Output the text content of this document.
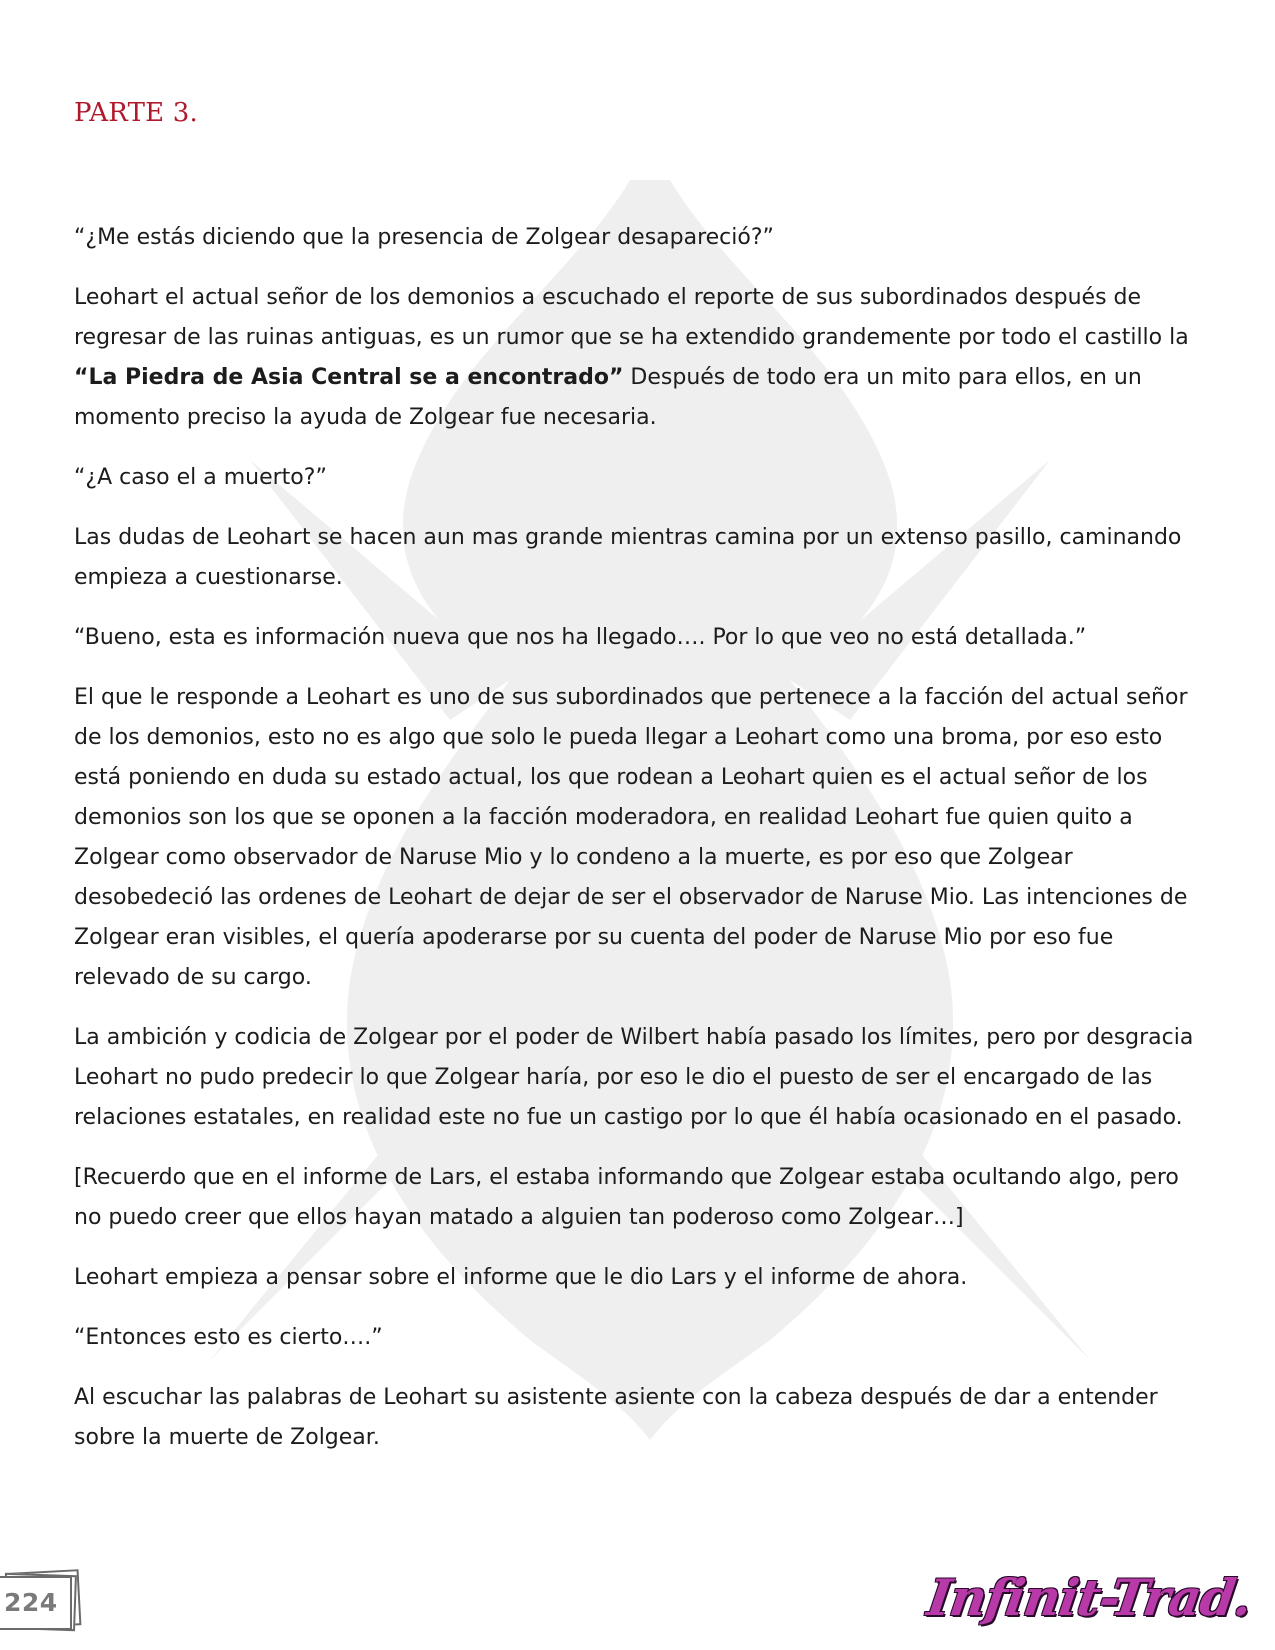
PARTE 3.

“¿Me estás diciendo que la presencia de Zolgear desapareció?”

Leohart el actual señor de los demonios a escuchado el reporte de sus subordinados después de regresar de las ruinas antiguas, es un rumor que se ha extendido grandemente por todo el castillo la “La Piedra de Asia Central se a encontrado” Después de todo era un mito para ellos, en un momento preciso la ayuda de Zolgear fue necesaria.

“¿A caso el a muerto?”

Las dudas de Leohart se hacen aun mas grande mientras camina por un extenso pasillo, caminando empieza a cuestionarse.

“Bueno, esta es información nueva que nos ha llegado…. Por lo que veo no está detallada.”

El que le responde a Leohart es uno de sus subordinados que pertenece a la facción del actual señor de los demonios, esto no es algo que solo le pueda llegar a Leohart como una broma, por eso esto está poniendo en duda su estado actual, los que rodean a Leohart quien es el actual señor de los demonios son los que se oponen a la facción moderadora, en realidad Leohart fue quien quito a Zolgear como observador de Naruse Mio y lo condeno a la muerte, es por eso que Zolgear desobedeció las ordenes de Leohart de dejar de ser el observador de Naruse Mio. Las intenciones de Zolgear eran visibles, el quería apoderarse por su cuenta del poder de Naruse Mio por eso fue relevado de su cargo.

La ambición y codicia de Zolgear por el poder de Wilbert había pasado los límites, pero por desgracia Leohart no pudo predecir lo que Zolgear haría, por eso le dio el puesto de ser el encargado de las relaciones estatales, en realidad este no fue un castigo por lo que él había ocasionado en el pasado.

[Recuerdo que en el informe de Lars, el estaba informando que Zolgear estaba ocultando algo, pero no puedo creer que ellos hayan matado a alguien tan poderoso como Zolgear…]

Leohart empieza a pensar sobre el informe que le dio Lars y el informe de ahora.

“Entonces esto es cierto….”

Al escuchar las palabras de Leohart su asistente asiente con la cabeza después de dar a entender sobre la muerte de Zolgear.

224	Infinit-Trad.
